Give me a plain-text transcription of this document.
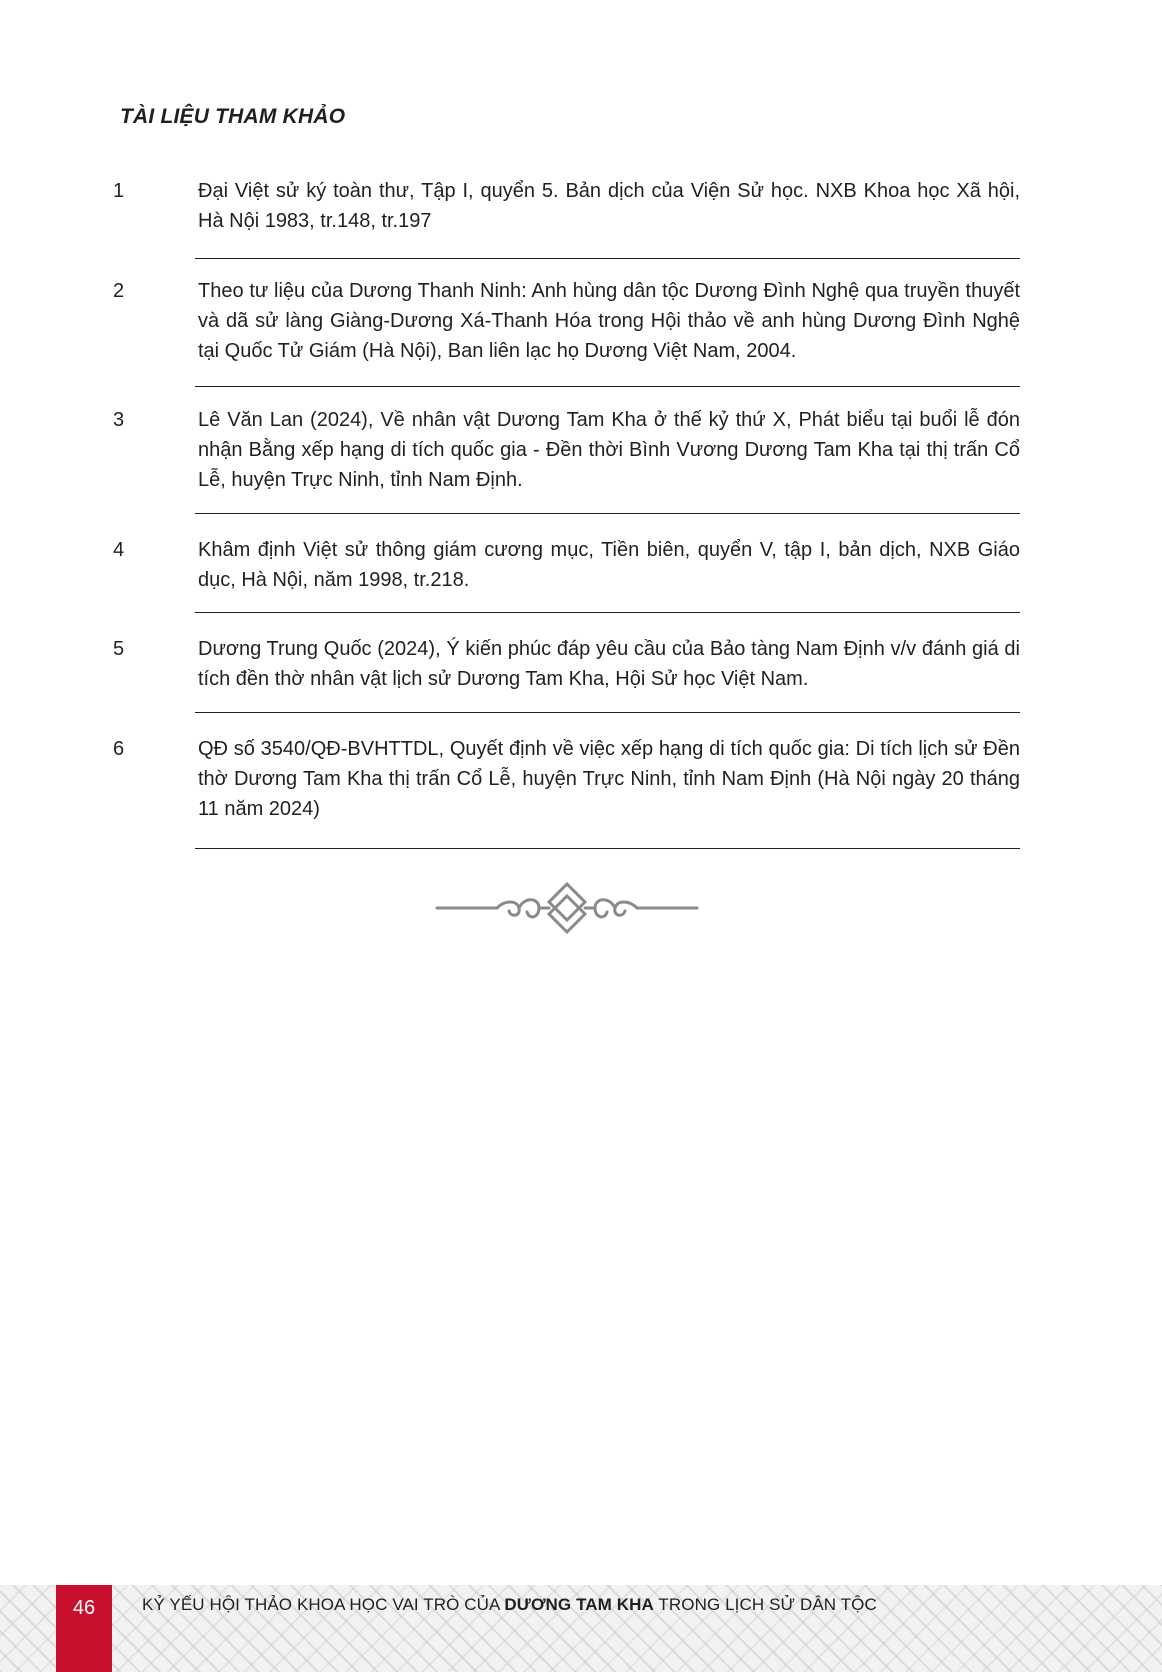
TÀI LIỆU THAM KHẢO
1	Đại Việt sử ký toàn thư, Tập I, quyển 5. Bản dịch của Viện Sử học. NXB Khoa học Xã hội, Hà Nội 1983, tr.148, tr.197
2	Theo tư liệu của Dương Thanh Ninh: Anh hùng dân tộc Dương Đình Nghệ qua truyền thuyết và dã sử làng Giàng-Dương Xá-Thanh Hóa trong Hội thảo về anh hùng Dương Đình Nghệ tại Quốc Tử Giám (Hà Nội), Ban liên lạc họ Dương Việt Nam, 2004.
3	Lê Văn Lan (2024), Về nhân vật Dương Tam Kha ở thế kỷ thứ X, Phát biểu tại buổi lễ đón nhận Bằng xếp hạng di tích quốc gia - Đền thời Bình Vương Dương Tam Kha tại thị trấn Cổ Lễ, huyện Trực Ninh, tỉnh Nam Định.
4	Khâm định Việt sử thông giám cương mục, Tiền biên, quyển V, tập I, bản dịch, NXB Giáo dục, Hà Nội, năm 1998, tr.218.
5	Dương Trung Quốc (2024), Ý kiến phúc đáp yêu cầu của Bảo tàng Nam Định v/v đánh giá di tích đền thờ nhân vật lịch sử Dương Tam Kha, Hội Sử học Việt Nam.
6	QĐ số 3540/QĐ-BVHTTDL, Quyết định về việc xếp hạng di tích quốc gia: Di tích lịch sử Đền thờ Dương Tam Kha thị trấn Cổ Lễ, huyện Trực Ninh, tỉnh Nam Định (Hà Nội ngày 20 tháng 11 năm 2024)
46	KỶ YẾU HỘI THẢO KHOA HỌC VAI TRÒ CỦA DƯƠNG TAM KHA TRONG LỊCH SỬ DÂN TỘC
